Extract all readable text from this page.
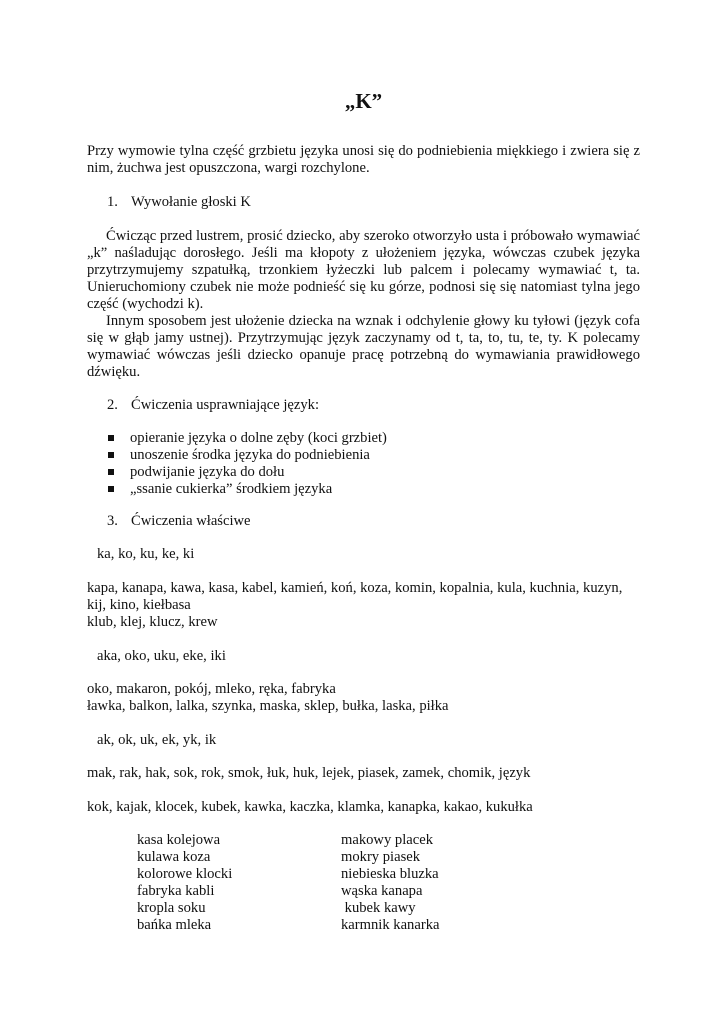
„K”

Przy wymowie tylna część grzbietu języka unosi się do podniebienia miękkiego i zwiera się z nim, żuchwa jest opuszczona, wargi rozchylone.

1. Wywołanie głoski K

Ćwicząc przed lustrem, prosić dziecko, aby szeroko otworzyło usta i próbowało wymawiać „k” naśladując dorosłego. Jeśli ma kłopoty z ułożeniem języka, wówczas czubek języka przytrzymujemy szpatułką, trzonkiem łyżeczki lub palcem i polecamy wymawiać t, ta. Unieruchomiony czubek nie może podnieść się ku górze, podnosi się się natomiast tylna jego część (wychodzi k).

Innym sposobem jest ułożenie dziecka na wznak i odchylenie głowy ku tyłowi (język cofa się w głąb jamy ustnej). Przytrzymując język zaczynamy od t, ta, to, tu, te, ty. K polecamy wymawiać wówczas jeśli dziecko opanuje pracę potrzebną do wymawiania prawidłowego dźwięku.

2. Ćwiczenia usprawniające język:
opieranie języka o dolne zęby (koci grzbiet)
unoszenie środka języka do podniebienia
podwijanie języka do dołu
„ssanie cukierka” środkiem języka
3. Ćwiczenia właściwe

ka, ko, ku, ke, ki

kapa, kanapa, kawa, kasa, kabel, kamień, koń, koza, komin, kopalnia, kula, kuchnia, kuzyn,

kij, kino, kiełbasa

klub, klej, klucz, krew

aka, oko, uku, eke, iki

oko, makaron, pokój, mleko, ręka, fabryka

ławka, balkon, lalka, szynka, maska, sklep, bułka, laska, piłka

ak, ok, uk, ek, yk, ik

mak, rak, hak, sok, rok, smok, łuk, huk, lejek, piasek, zamek, chomik, język

kok, kajak, klocek, kubek, kawka, kaczka, klamka, kanapka, kakao, kukułka

kasa kolejowa	makowy placek
kulawa koza	mokry piasek
kolorowe klocki	niebieska bluzka
fabryka kabli	wąska kanapa
kropla soku	kubek kawy
bańka mleka	karmnik kanarka
